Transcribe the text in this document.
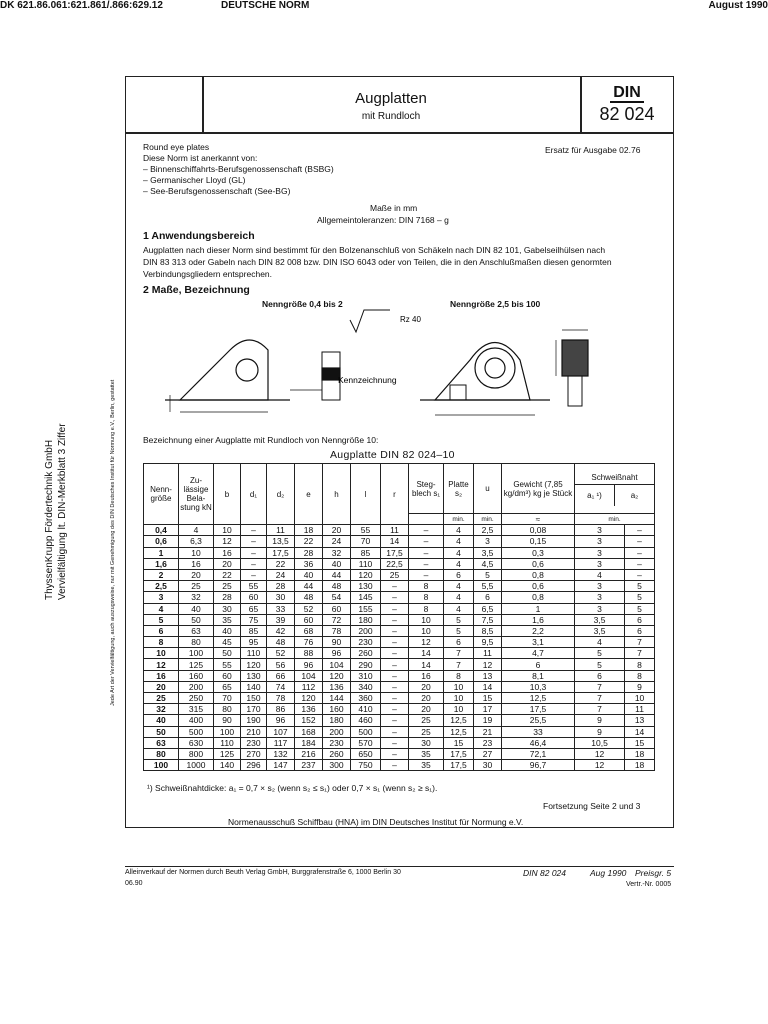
ThyssenKrupp Fördertechnik GmbH Vervielfältigung lt. DIN-Merkblatt 3 Ziffer	Jede Art der Vervielfältigung, auch auszugsweise, nur mit Genehmigung des DIN Deutsches Institut für Normung e.V., Berlin, gestattet
DK 621.86.061:621.861/.866:629.12	DEUTSCHE NORM	August 1990
Augplatten
mit Rundloch
DIN
82 024
Round eye plates
Diese Norm ist anerkannt von:
– Binnenschiffahrts-Berufsgenossenschaft (BSBG)
– Germanischer Lloyd (GL)
– See-Berufsgenossenschaft (See-BG)
Ersatz für Ausgabe 02.76
Maße in mm
Allgemeintoleranzen: DIN 7168 – g
1 Anwendungsbereich
Augplatten nach dieser Norm sind bestimmt für den Bolzenanschluß von Schäkeln nach DIN 82 101, Gabelseilhülsen nach
DIN 83 313 oder Gabeln nach DIN 82 008 bzw. DIN ISO 6043 oder von Teilen, die in den Anschlußmaßen diesen genormten
Verbindungsgliedern entsprechen.
2 Maße, Bezeichnung
Nenngröße 0,4 bis 2	Nenngröße 2,5 bis 100
Rz 40
Kennzeichnung
Bezeichnung einer Augplatte mit Rundloch von Nenngröße 10:
Augplatte DIN 82 024–10
Nenn-größe	Zu-lässige Bela-stung kN	b	d₁	d₂	e	h	l	r	Steg-blech s₁	Platte s₂	u	Gewicht (7,85 kg/dm³) kg je Stück	Schweißnaht
a₁ ¹) a₂	

										min.	min.	≈	min.	
0,4	4	10	–	11	18	20	55	11	–	4	2,5	0,08	3	–
0,6	6,3	12	–	13,5	22	24	70	14	–	4	3	0,15	3	–
1	10	16	–	17,5	28	32	85	17,5	–	4	3,5	0,3	3	–
1,6	16	20	–	22	36	40	110	22,5	–	4	4,5	0,6	3	–
2	20	22	–	24	40	44	120	25	–	6	5	0,8	4	–
2,5	25	25	55	28	44	48	130	–	8	4	5,5	0,6	3	5
3	32	28	60	30	48	54	145	–	8	4	6	0,8	3	5
4	40	30	65	33	52	60	155	–	8	4	6,5	1	3	5
5	50	35	75	39	60	72	180	–	10	5	7,5	1,6	3,5	6
6	63	40	85	42	68	78	200	–	10	5	8,5	2,2	3,5	6
8	80	45	95	48	76	90	230	–	12	6	9,5	3,1	4	7
10	100	50	110	52	88	96	260	–	14	7	11	4,7	5	7
12	125	55	120	56	96	104	290	–	14	7	12	6	5	8
16	160	60	130	66	104	120	310	–	16	8	13	8,1	6	8
20	200	65	140	74	112	136	340	–	20	10	14	10,3	7	9
25	250	70	150	78	120	144	360	–	20	10	15	12,5	7	10
32	315	80	170	86	136	160	410	–	20	10	17	17,5	7	11
40	400	90	190	96	152	180	460	–	25	12,5	19	25,5	9	13
50	500	100	210	107	168	200	500	–	25	12,5	21	33	9	14
63	630	110	230	117	184	230	570	–	30	15	23	46,4	10,5	15
80	800	125	270	132	216	260	650	–	35	17,5	27	72,1	12	18
100	1000	140	296	147	237	300	750	–	35	17,5	30	96,7	12	18
¹) Schweißnahtdicke: a₁ = 0,7 × s₂ (wenn s₂ ≤ s₁) oder 0,7 × s₁ (wenn s₂ ≥ s₁).
Fortsetzung Seite 2 und 3
Normenausschuß Schiffbau (HNA) im DIN Deutsches Institut für Normung e.V.
Alleinverkauf der Normen durch Beuth Verlag GmbH, Burggrafenstraße 6, 1000 Berlin 30
06.90
DIN 82 024	Aug 1990 Preisgr. 5
Vertr.-Nr. 0005
